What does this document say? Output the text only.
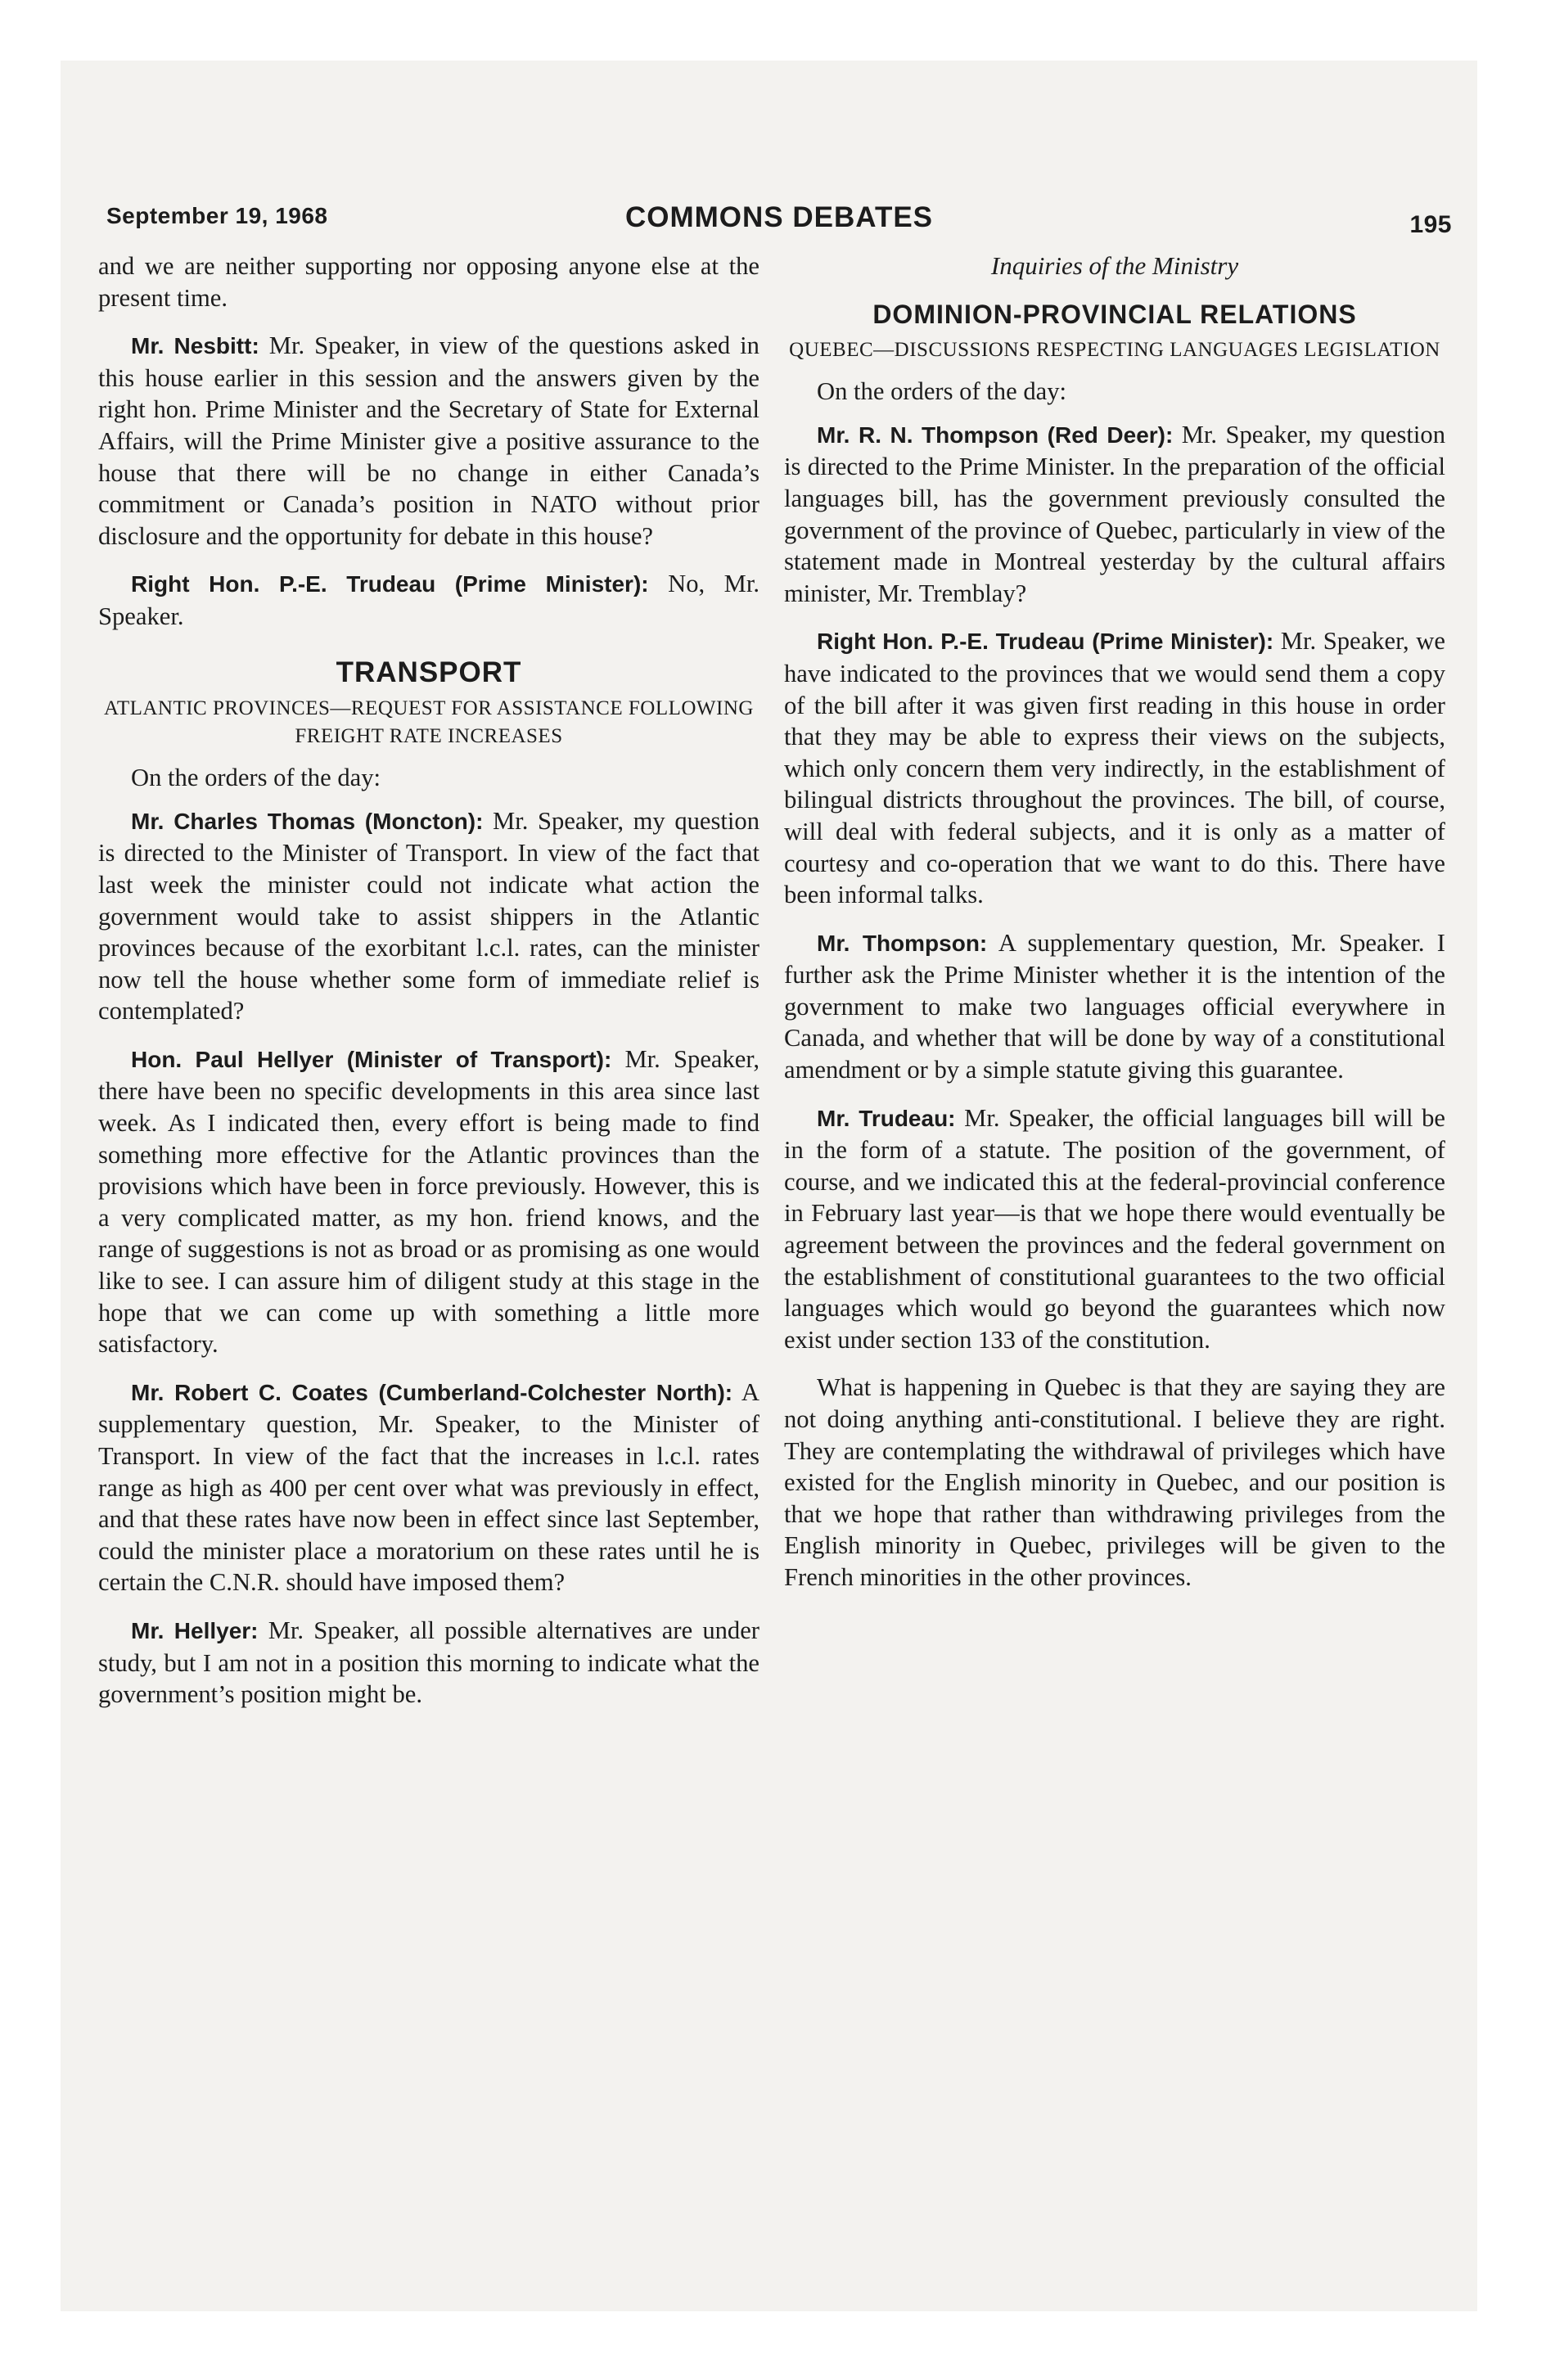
September 19, 1968	COMMONS DEBATES	195

and we are neither supporting nor opposing anyone else at the present time.

Mr. Nesbitt: Mr. Speaker, in view of the questions asked in this house earlier in this session and the answers given by the right hon. Prime Minister and the Secretary of State for External Affairs, will the Prime Minister give a positive assurance to the house that there will be no change in either Canada’s commitment or Canada’s position in NATO without prior disclosure and the opportunity for debate in this house?

Right Hon. P.-E. Trudeau (Prime Minister): No, Mr. Speaker.

TRANSPORT
ATLANTIC PROVINCES—REQUEST FOR ASSISTANCE FOLLOWING FREIGHT RATE INCREASES

On the orders of the day:

Mr. Charles Thomas (Moncton): Mr. Speaker, my question is directed to the Minister of Transport. In view of the fact that last week the minister could not indicate what action the government would take to assist shippers in the Atlantic provinces because of the exorbitant l.c.l. rates, can the minister now tell the house whether some form of immediate relief is contemplated?

Hon. Paul Hellyer (Minister of Transport): Mr. Speaker, there have been no specific developments in this area since last week. As I indicated then, every effort is being made to find something more effective for the Atlantic provinces than the provisions which have been in force previously. However, this is a very complicated matter, as my hon. friend knows, and the range of suggestions is not as broad or as promising as one would like to see. I can assure him of diligent study at this stage in the hope that we can come up with something a little more satisfactory.

Mr. Robert C. Coates (Cumberland-Colchester North): A supplementary question, Mr. Speaker, to the Minister of Transport. In view of the fact that the increases in l.c.l. rates range as high as 400 per cent over what was previously in effect, and that these rates have now been in effect since last September, could the minister place a moratorium on these rates until he is certain the C.N.R. should have imposed them?

Mr. Hellyer: Mr. Speaker, all possible alternatives are under study, but I am not in a position this morning to indicate what the government’s position might be.

Inquiries of the Ministry
DOMINION-PROVINCIAL RELATIONS
QUEBEC—DISCUSSIONS RESPECTING LANGUAGES LEGISLATION

On the orders of the day:

Mr. R. N. Thompson (Red Deer): Mr. Speaker, my question is directed to the Prime Minister. In the preparation of the official languages bill, has the government previously consulted the government of the province of Quebec, particularly in view of the statement made in Montreal yesterday by the cultural affairs minister, Mr. Tremblay?

Right Hon. P.-E. Trudeau (Prime Minister): Mr. Speaker, we have indicated to the provinces that we would send them a copy of the bill after it was given first reading in this house in order that they may be able to express their views on the subjects, which only concern them very indirectly, in the establishment of bilingual districts throughout the provinces. The bill, of course, will deal with federal subjects, and it is only as a matter of courtesy and co-operation that we want to do this. There have been informal talks.

Mr. Thompson: A supplementary question, Mr. Speaker. I further ask the Prime Minister whether it is the intention of the government to make two languages official everywhere in Canada, and whether that will be done by way of a constitutional amendment or by a simple statute giving this guarantee.

Mr. Trudeau: Mr. Speaker, the official languages bill will be in the form of a statute. The position of the government, of course, and we indicated this at the federal-provincial conference in February last year—is that we hope there would eventually be agreement between the provinces and the federal government on the establishment of constitutional guarantees to the two official languages which would go beyond the guarantees which now exist under section 133 of the constitution.

What is happening in Quebec is that they are saying they are not doing anything anti-constitutional. I believe they are right. They are contemplating the withdrawal of privileges which have existed for the English minority in Quebec, and our position is that we hope that rather than withdrawing privileges from the English minority in Quebec, privileges will be given to the French minorities in the other provinces.
